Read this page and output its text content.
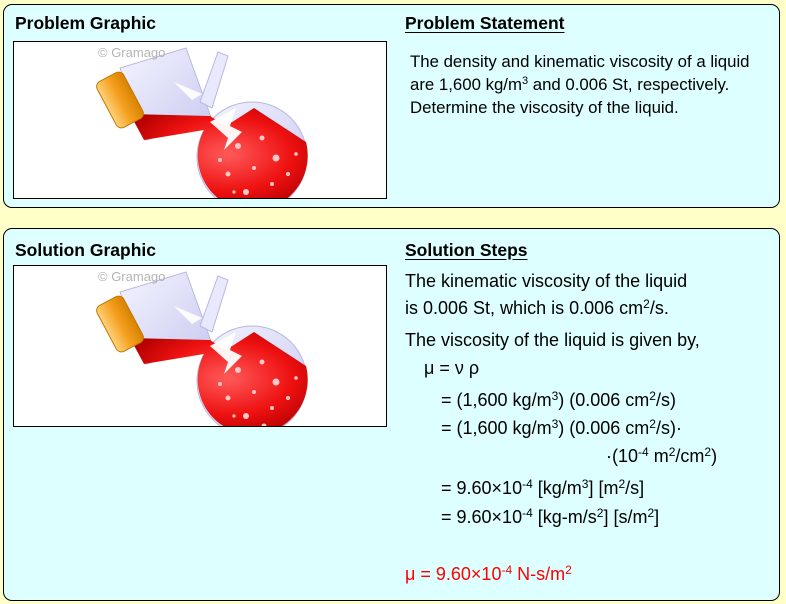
Problem Graphic	Problem Statement
© Gramago	The density and kinematic viscosity of a liquid are 1,600 $kg/m^3$ and 0.006 St, respectively. Determine the viscosity of the liquid.
Solution Graphic	Solution Steps
© Gramago	The kinematic viscosity of the liquid
is 0.006 St, which is 0.006 $cm^2/s$.
The viscosity of the liquid is given by,
μ = ν ρ
= (1,600 $kg/m^3$) (0.006 $cm^2/s$)
= (1,600 $kg/m^3$) (0.006 $cm^2/s)\cdot$
$\cdot(10^{-4}$ $m^2/cm^2$)
= $9.60\times 10^{-4}$ $[kg/m^3]$ $[m^2/s]$
= $9.60\times 10^{-4}$ $[kg-m/s^2]$ $[s/m^2]$
$\mu = 9.60\times 10^{-4}$ $N-s/m^2$
